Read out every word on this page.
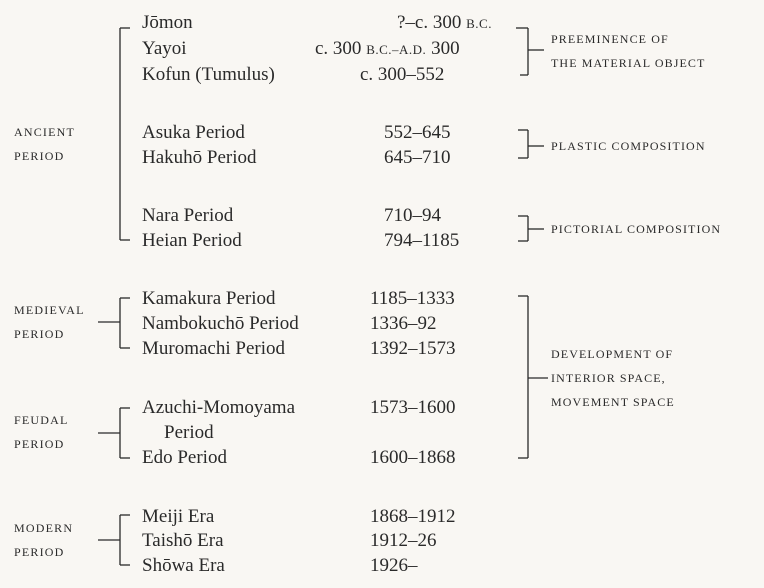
ANCIENT
PERIOD
MEDIEVAL
PERIOD
FEUDAL
PERIOD
MODERN
PERIOD
Jōmon
Yayoi
Kofun (Tumulus)
Asuka Period
Hakuhō Period
Nara Period
Heian Period
Kamakura Period
Nambokuchō Period
Muromachi Period
Azuchi-Momoyama
Period
Edo Period
Meiji Era
Taishō Era
Shōwa Era
?–c. 300 B.C.
c. 300 B.C.–A.D. 300
c. 300–552
552–645
645–710
710–94
794–1185
1185–1333
1336–92
1392–1573
1573–1600
1600–1868
1868–1912
1912–26
1926–
PREEMINENCE OF
THE MATERIAL OBJECT
PLASTIC COMPOSITION
PICTORIAL COMPOSITION
DEVELOPMENT OF
INTERIOR SPACE,
MOVEMENT SPACE
